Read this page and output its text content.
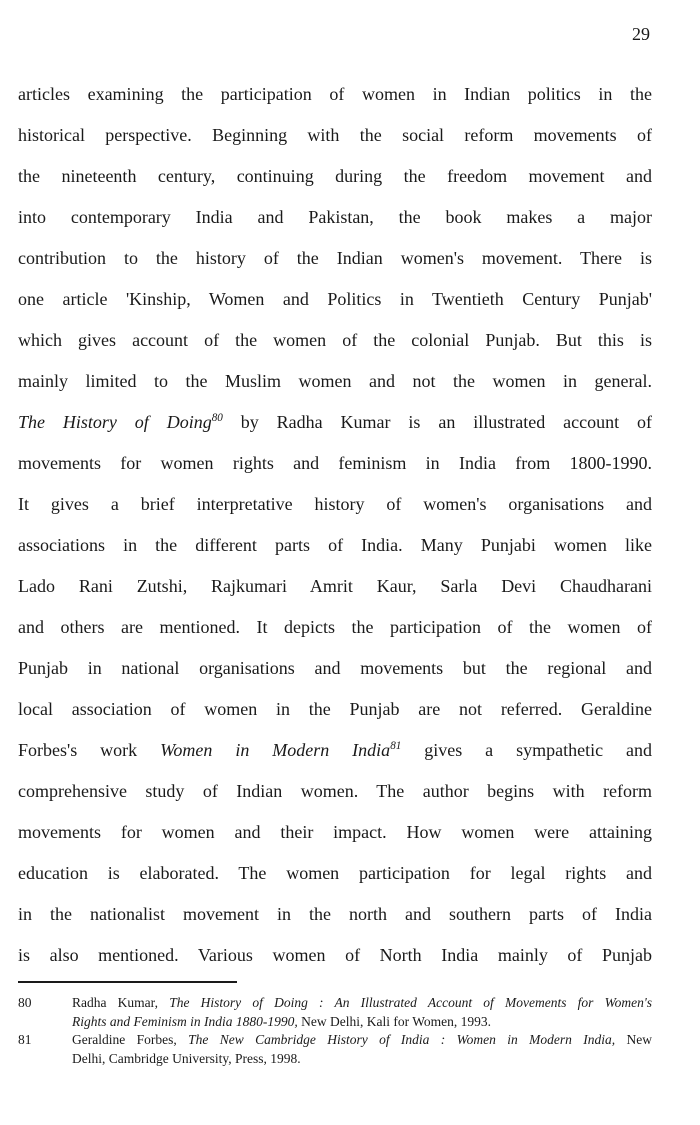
29
articles examining the participation of women in Indian politics in the
historical perspective. Beginning with the social reform movements of
the nineteenth century, continuing during the freedom movement and
into contemporary India and Pakistan, the book makes a major
contribution to the history of the Indian women's movement. There is
one article 'Kinship, Women and Politics in Twentieth Century Punjab'
which gives account of the women of the colonial Punjab. But this is
mainly limited to the Muslim women and not the women in general.
The History of Doing$^{80}$ by Radha Kumar is an illustrated account of
movements for women rights and feminism in India from 1800-1990.
It gives a brief interpretative history of women's organisations and
associations in the different parts of India. Many Punjabi women like
Lado Rani Zutshi, Rajkumari Amrit Kaur, Sarla Devi Chaudharani
and others are mentioned. It depicts the participation of the women of
Punjab in national organisations and movements but the regional and
local association of women in the Punjab are not referred. Geraldine
Forbes's work Women in Modern India$^{81}$ gives a sympathetic and
comprehensive study of Indian women. The author begins with reform
movements for women and their impact. How women were attaining
education is elaborated. The women participation for legal rights and
in the nationalist movement in the north and southern parts of India
is also mentioned. Various women of North India mainly of Punjab
80	Radha Kumar, The History of Doing : An Illustrated Account of Movements for Women's
Rights and Feminism in India 1880-1990, New Delhi, Kali for Women, 1993.
81	Geraldine Forbes, The New Cambridge History of India : Women in Modern India, New
Delhi, Cambridge University, Press, 1998.
